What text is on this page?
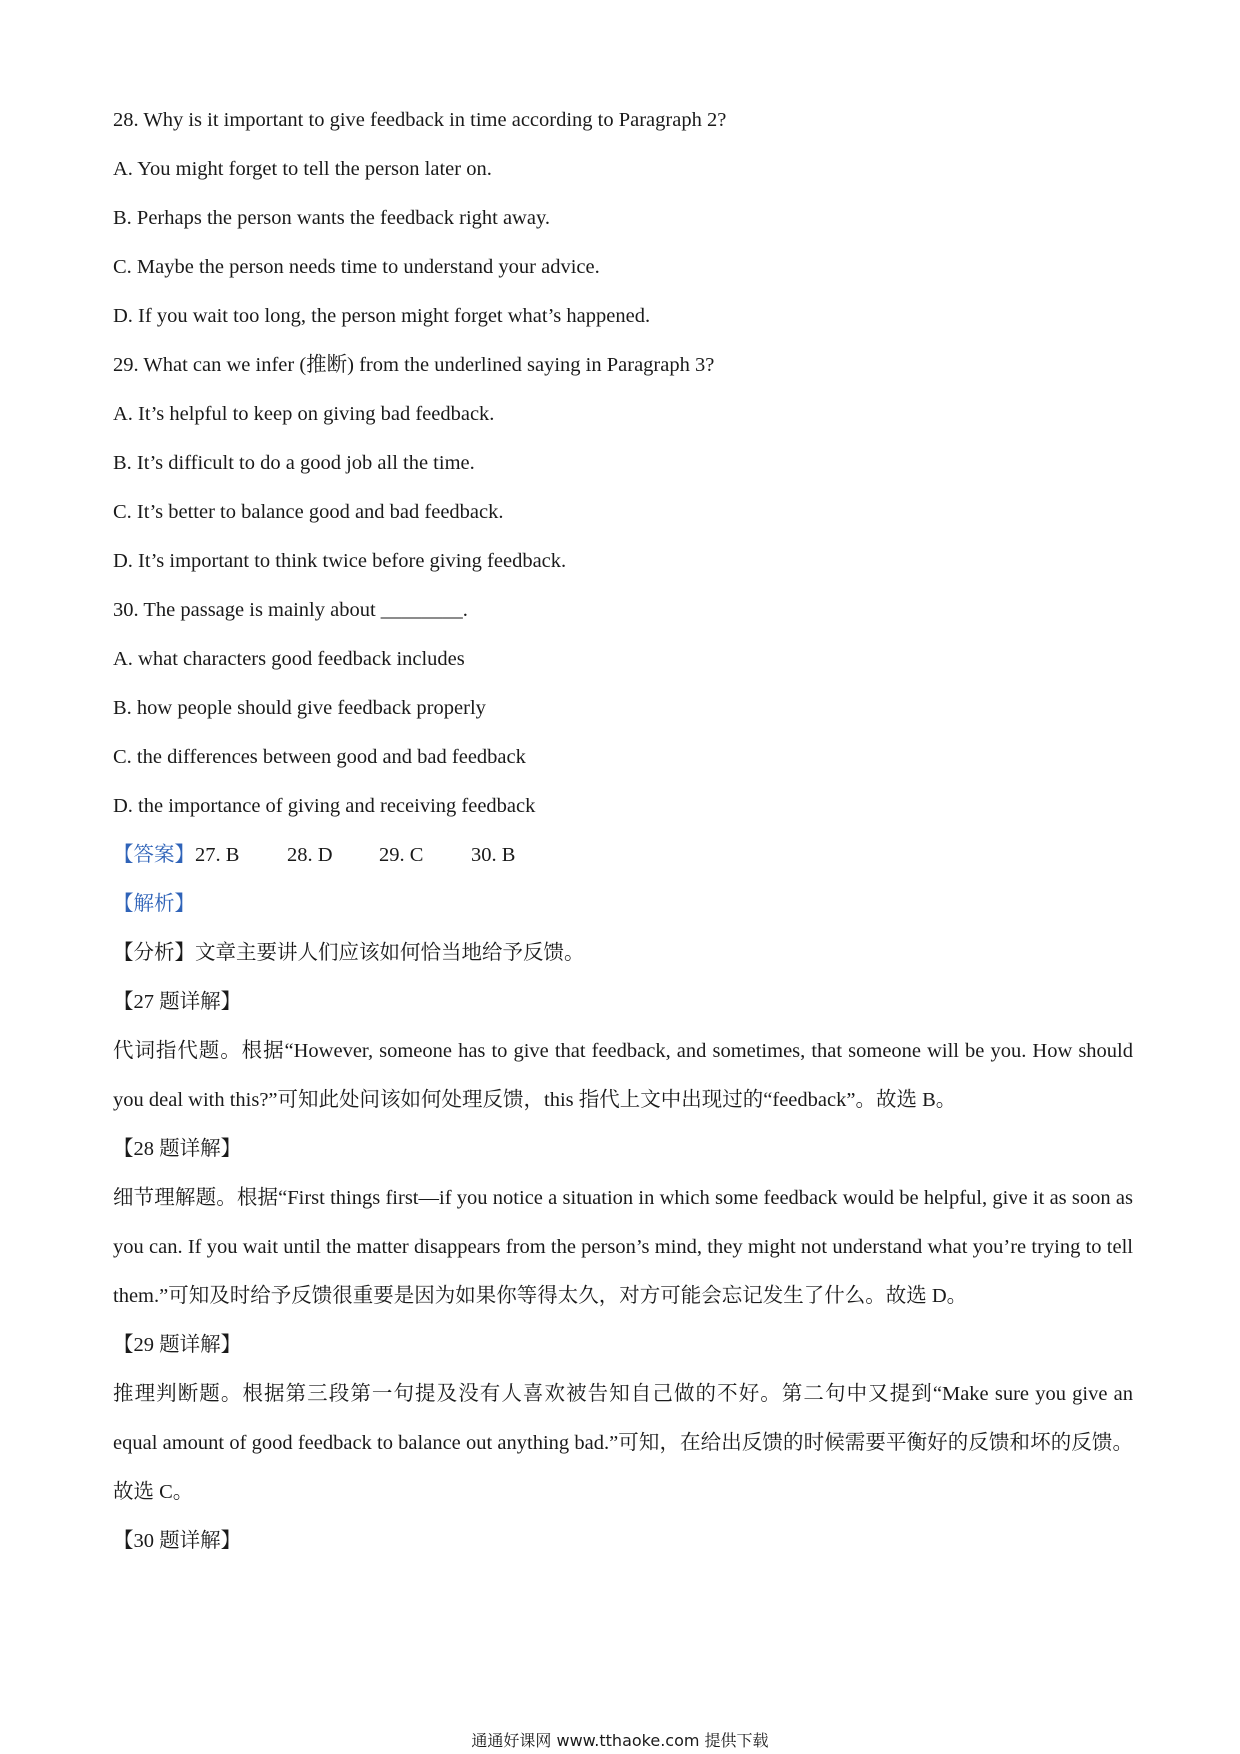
28. Why is it important to give feedback in time according to Paragraph 2?
A. You might forget to tell the person later on.
B. Perhaps the person wants the feedback right away.
C. Maybe the person needs time to understand your advice.
D. If you wait too long, the person might forget what’s happened.
29. What can we infer (推断) from the underlined saying in Paragraph 3?
A. It’s helpful to keep on giving bad feedback.
B. It’s difficult to do a good job all the time.
C. It’s better to balance good and bad feedback.
D. It’s important to think twice before giving feedback.
30. The passage is mainly about ________.
A. what characters good feedback includes
B. how people should give feedback properly
C. the differences between good and bad feedback
D. the importance of giving and receiving feedback
【答案】27. B 28. D 29. C 30. B
【解析】
【分析】文章主要讲人们应该如何恰当地给予反馈。
【27 题详解】
代词指代题。根据“However, someone has to give that feedback, and sometimes, that someone will be you. How should you deal with this?”可知此处问该如何处理反馈，this 指代上文中出现过的“feedback”。故选 B。
【28 题详解】
细节理解题。根据“First things first—if you notice a situation in which some feedback would be helpful, give it as soon as you can. If you wait until the matter disappears from the person’s mind, they might not understand what you’re trying to tell them.”可知及时给予反馈很重要是因为如果你等得太久，对方可能会忘记发生了什么。故选 D。
【29 题详解】
推理判断题。根据第三段第一句提及没有人喜欢被告知自己做的不好。第二句中又提到“Make sure you give an equal amount of good feedback to balance out anything bad.”可知，在给出反馈的时候需要平衡好的反馈和坏的反馈。故选 C。
【30 题详解】
通通好课网 www.tthaoke.com 提供下载
